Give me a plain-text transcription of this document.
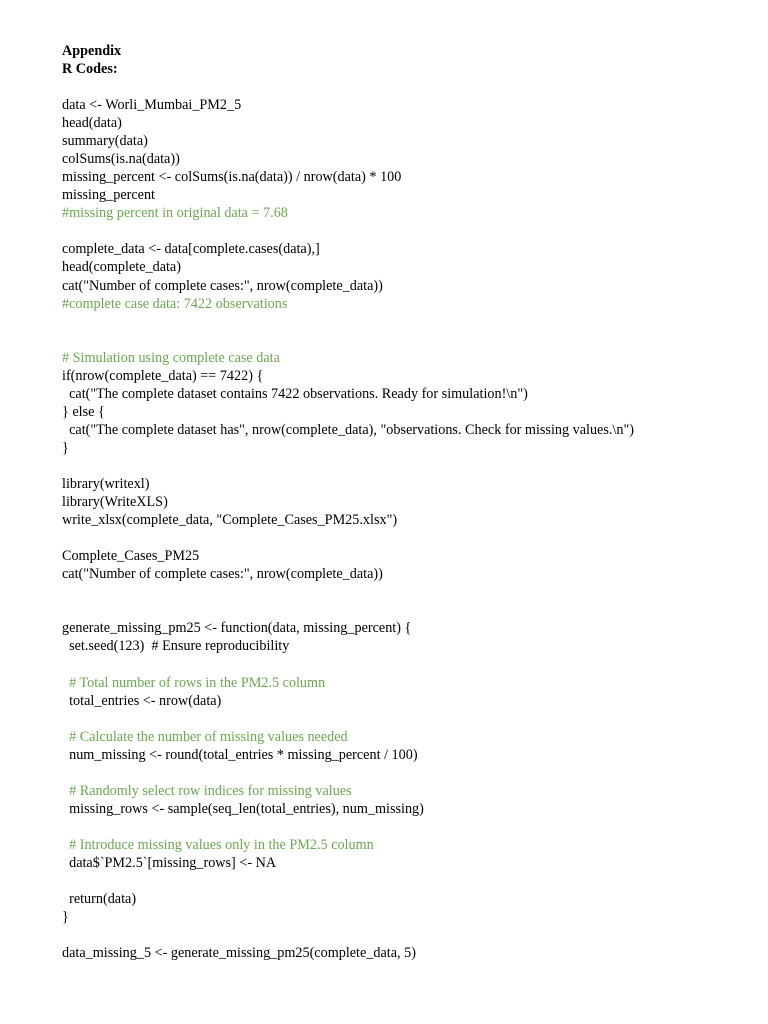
Appendix
R Codes:
data <- Worli_Mumbai_PM2_5
head(data)
summary(data)
colSums(is.na(data))
missing_percent <- colSums(is.na(data)) / nrow(data) * 100
missing_percent
#missing percent in original data = 7.68
complete_data <- data[complete.cases(data),]
head(complete_data)
cat("Number of complete cases:", nrow(complete_data))
#complete case data: 7422 observations
# Simulation using complete case data
if(nrow(complete_data) == 7422) {
cat("The complete dataset contains 7422 observations. Ready for simulation!\n")
} else {
cat("The complete dataset has", nrow(complete_data), "observations. Check for missing values.\n")
}
library(writexl)
library(WriteXLS)
write_xlsx(complete_data, "Complete_Cases_PM25.xlsx")
Complete_Cases_PM25
cat("Number of complete cases:", nrow(complete_data))
generate_missing_pm25 <- function(data, missing_percent) {
set.seed(123)  # Ensure reproducibility
# Total number of rows in the PM2.5 column
total_entries <- nrow(data)
# Calculate the number of missing values needed
num_missing <- round(total_entries * missing_percent / 100)
# Randomly select row indices for missing values
missing_rows <- sample(seq_len(total_entries), num_missing)
# Introduce missing values only in the PM2.5 column
data$`PM2.5`[missing_rows] <- NA
return(data)
}
data_missing_5 <- generate_missing_pm25(complete_data, 5)
